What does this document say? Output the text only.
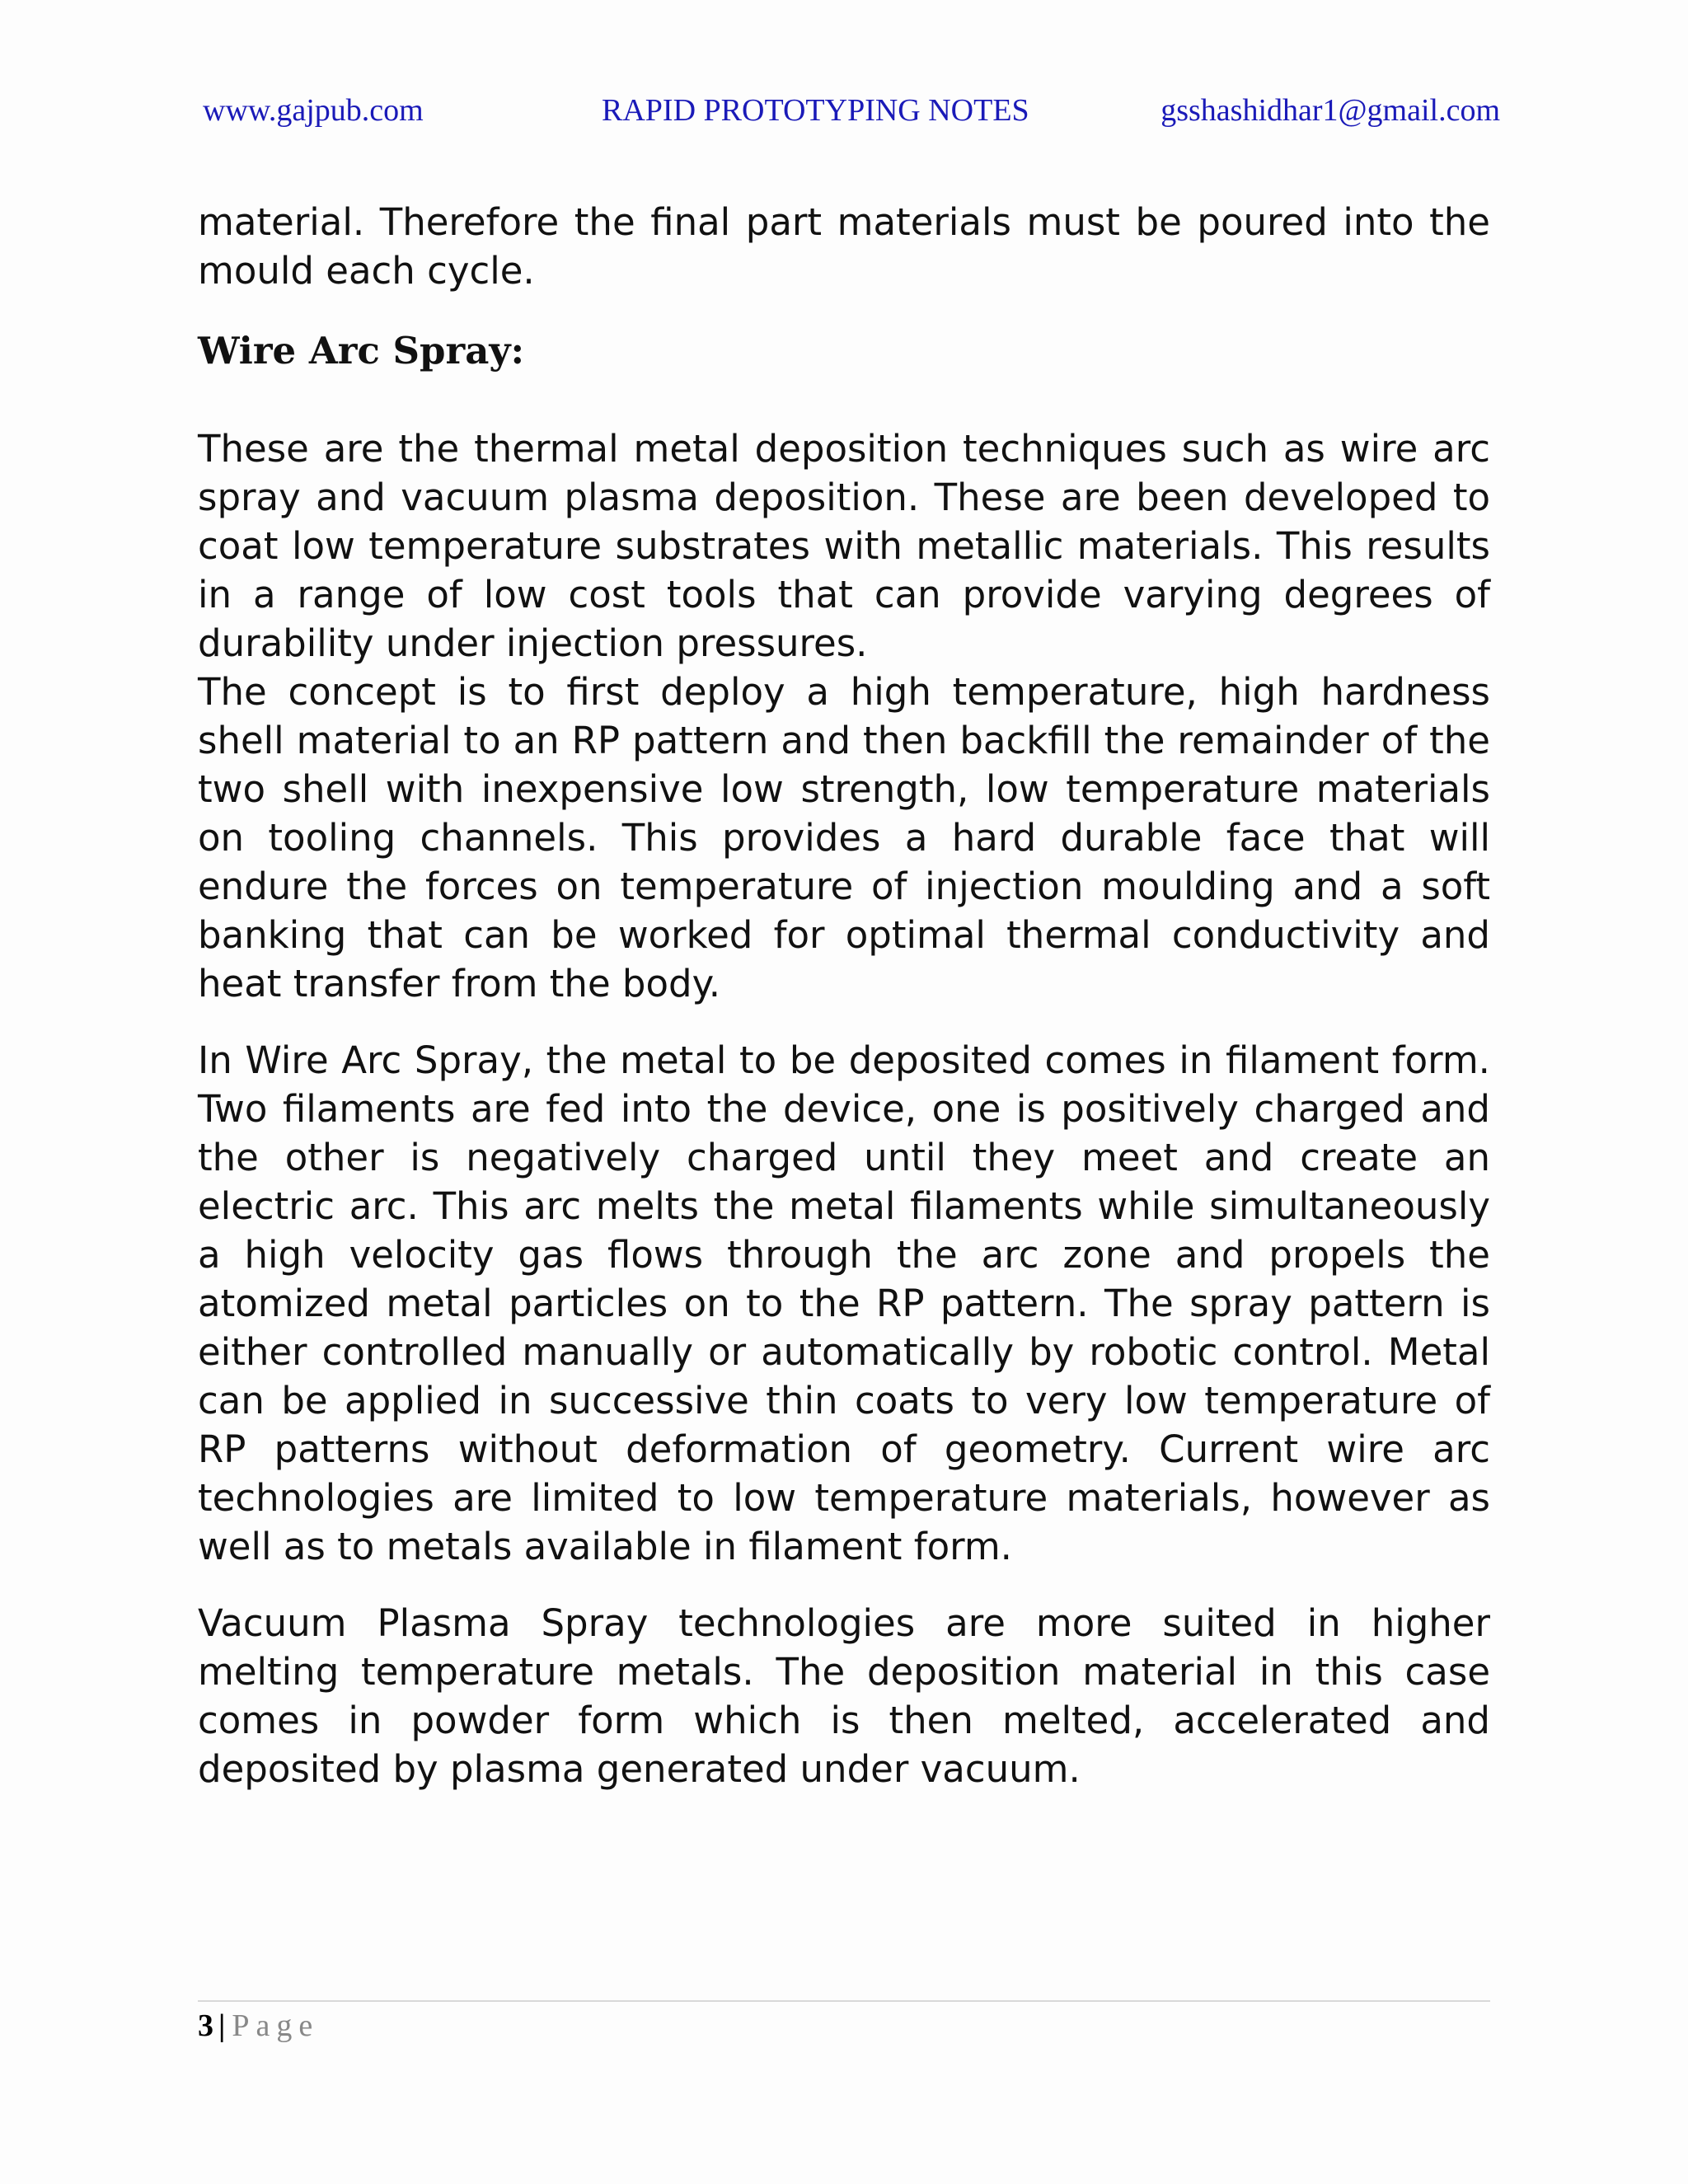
www.gajpub.com	RAPID PROTOTYPING NOTES	gsshashidhar1@gmail.com

material. Therefore the final part materials must be poured into the mould each cycle.

Wire Arc Spray:

These are the thermal metal deposition techniques such as wire arc spray and vacuum plasma deposition. These are been developed to coat low temperature substrates with metallic materials. This results in a range of low cost tools that can provide varying degrees of durability under injection pressures.

The concept is to first deploy a high temperature, high hardness shell material to an RP pattern and then backfill the remainder of the two shell with inexpensive low strength, low temperature materials on tooling channels. This provides a hard durable face that will endure the forces on temperature of injection moulding and a soft banking that can be worked for optimal thermal conductivity and heat transfer from the body.

In Wire Arc Spray, the metal to be deposited comes in filament form. Two filaments are fed into the device, one is positively charged and the other is negatively charged until they meet and create an electric arc. This arc melts the metal filaments while simultaneously a high velocity gas flows through the arc zone and propels the atomized metal particles on to the RP pattern. The spray pattern is either controlled manually or automatically by robotic control. Metal can be applied in successive thin coats to very low temperature of RP patterns without deformation of geometry. Current wire arc technologies are limited to low temperature materials, however as well as to metals available in filament form.

Vacuum Plasma Spray technologies are more suited in higher melting temperature metals. The deposition material in this case comes in powder form which is then melted, accelerated and deposited by plasma generated under vacuum.

3 | Page
